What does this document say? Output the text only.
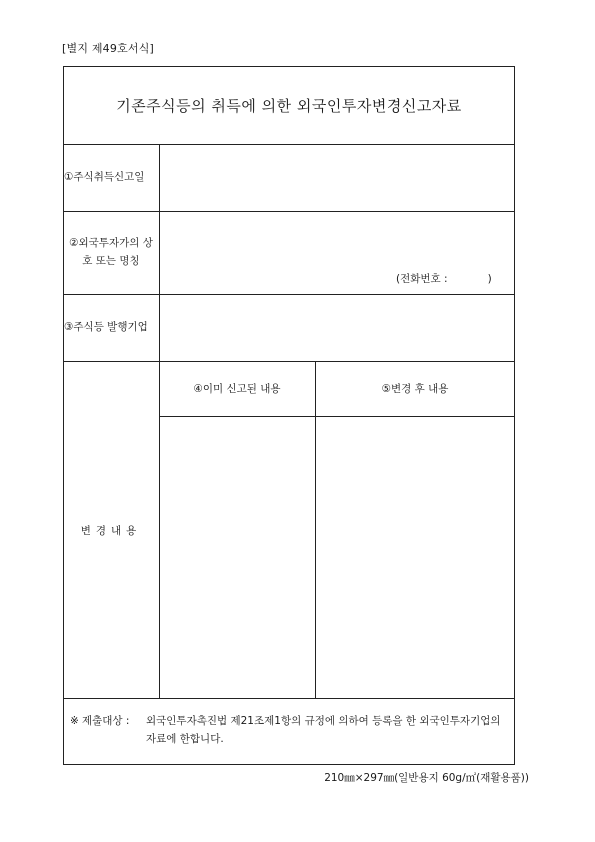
[별지 제49호서식]
기존주식등의 취득에 의한 외국인투자변경신고자료
①주식취득신고일
②외국투자가의 상
호 또는 명칭
(전화번호 :            )
③주식등 발행기업
변경내용
④이미 신고된 내용	⑤변경 후 내용
※ 제출대상 : 외국인투자촉진법 제21조제1항의 규정에 의하여 등록을 한 외국인투자기업의 자료에 한합니다.
210㎜×297㎜(일반용지 60g/㎡(재활용품))
